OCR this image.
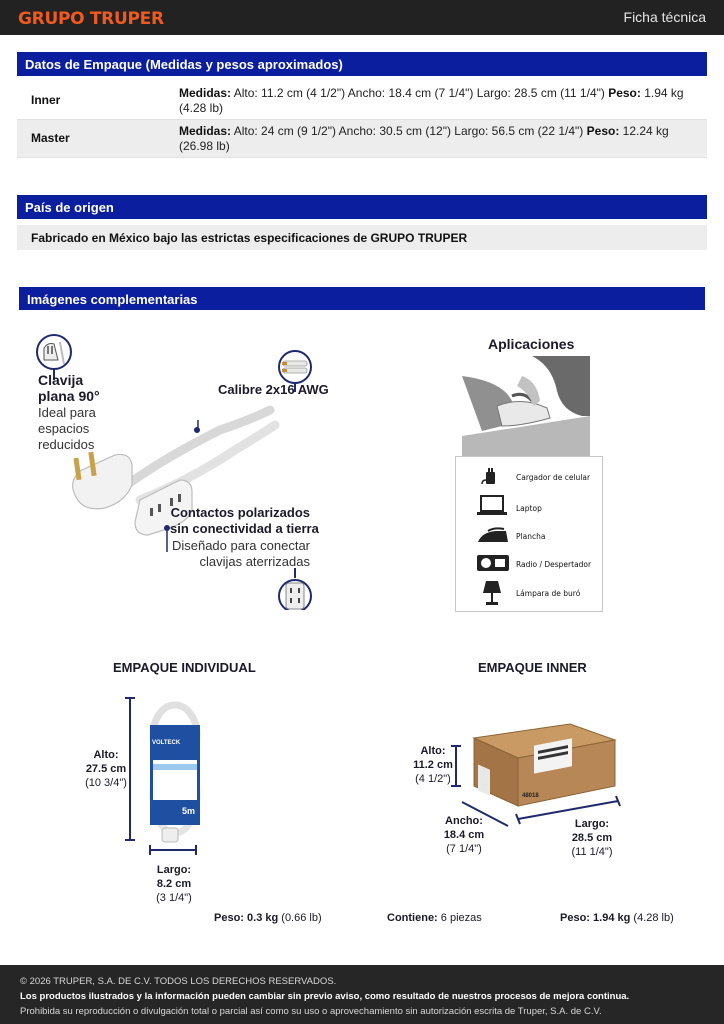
GRUPO TRUPER	Ficha técnica
Datos de Empaque (Medidas y pesos aproximados)
Inner	Medidas: Alto: 11.2 cm (4 1/2") Ancho: 18.4 cm (7 1/4") Largo: 28.5 cm (11 1/4") Peso: 1.94 kg (4.28 lb)
Master	Medidas: Alto: 24 cm (9 1/2") Ancho: 30.5 cm (12") Largo: 56.5 cm (22 1/4") Peso: 12.24 kg (26.98 lb)
País de origen
Fabricado en México bajo las estrictas especificaciones de GRUPO TRUPER
Imágenes complementarias
Clavija
plana 90°
Ideal para
espacios
reducidos
Calibre 2x16 AWG
Contactos polarizados
sin conectividad a tierra
Diseñado para conectar
clavijas aterrizadas
Aplicaciones
Cargador de celular
Laptop
Plancha
Radio / Despertador
Lámpara de buró
EMPAQUE INDIVIDUAL
VOLTECK
5m
Alto:
27.5 cm
(10 3/4")
Largo:
8.2 cm
(3 1/4")
Peso: 0.3 kg (0.66 lb)
EMPAQUE INNER
48018
Alto:
11.2 cm
(4 1/2")
Ancho:
18.4 cm
(7 1/4")
Largo:
28.5 cm
(11 1/4")
Contiene: 6 piezas	Peso: 1.94 kg (4.28 lb)
© 2026 TRUPER, S.A. DE C.V. TODOS LOS DERECHOS RESERVADOS.
Los productos ilustrados y la información pueden cambiar sin previo aviso, como resultado de nuestros procesos de mejora continua.
Prohibida su reproducción o divulgación total o parcial así como su uso o aprovechamiento sin autorización escrita de Truper, S.A. de C.V.
